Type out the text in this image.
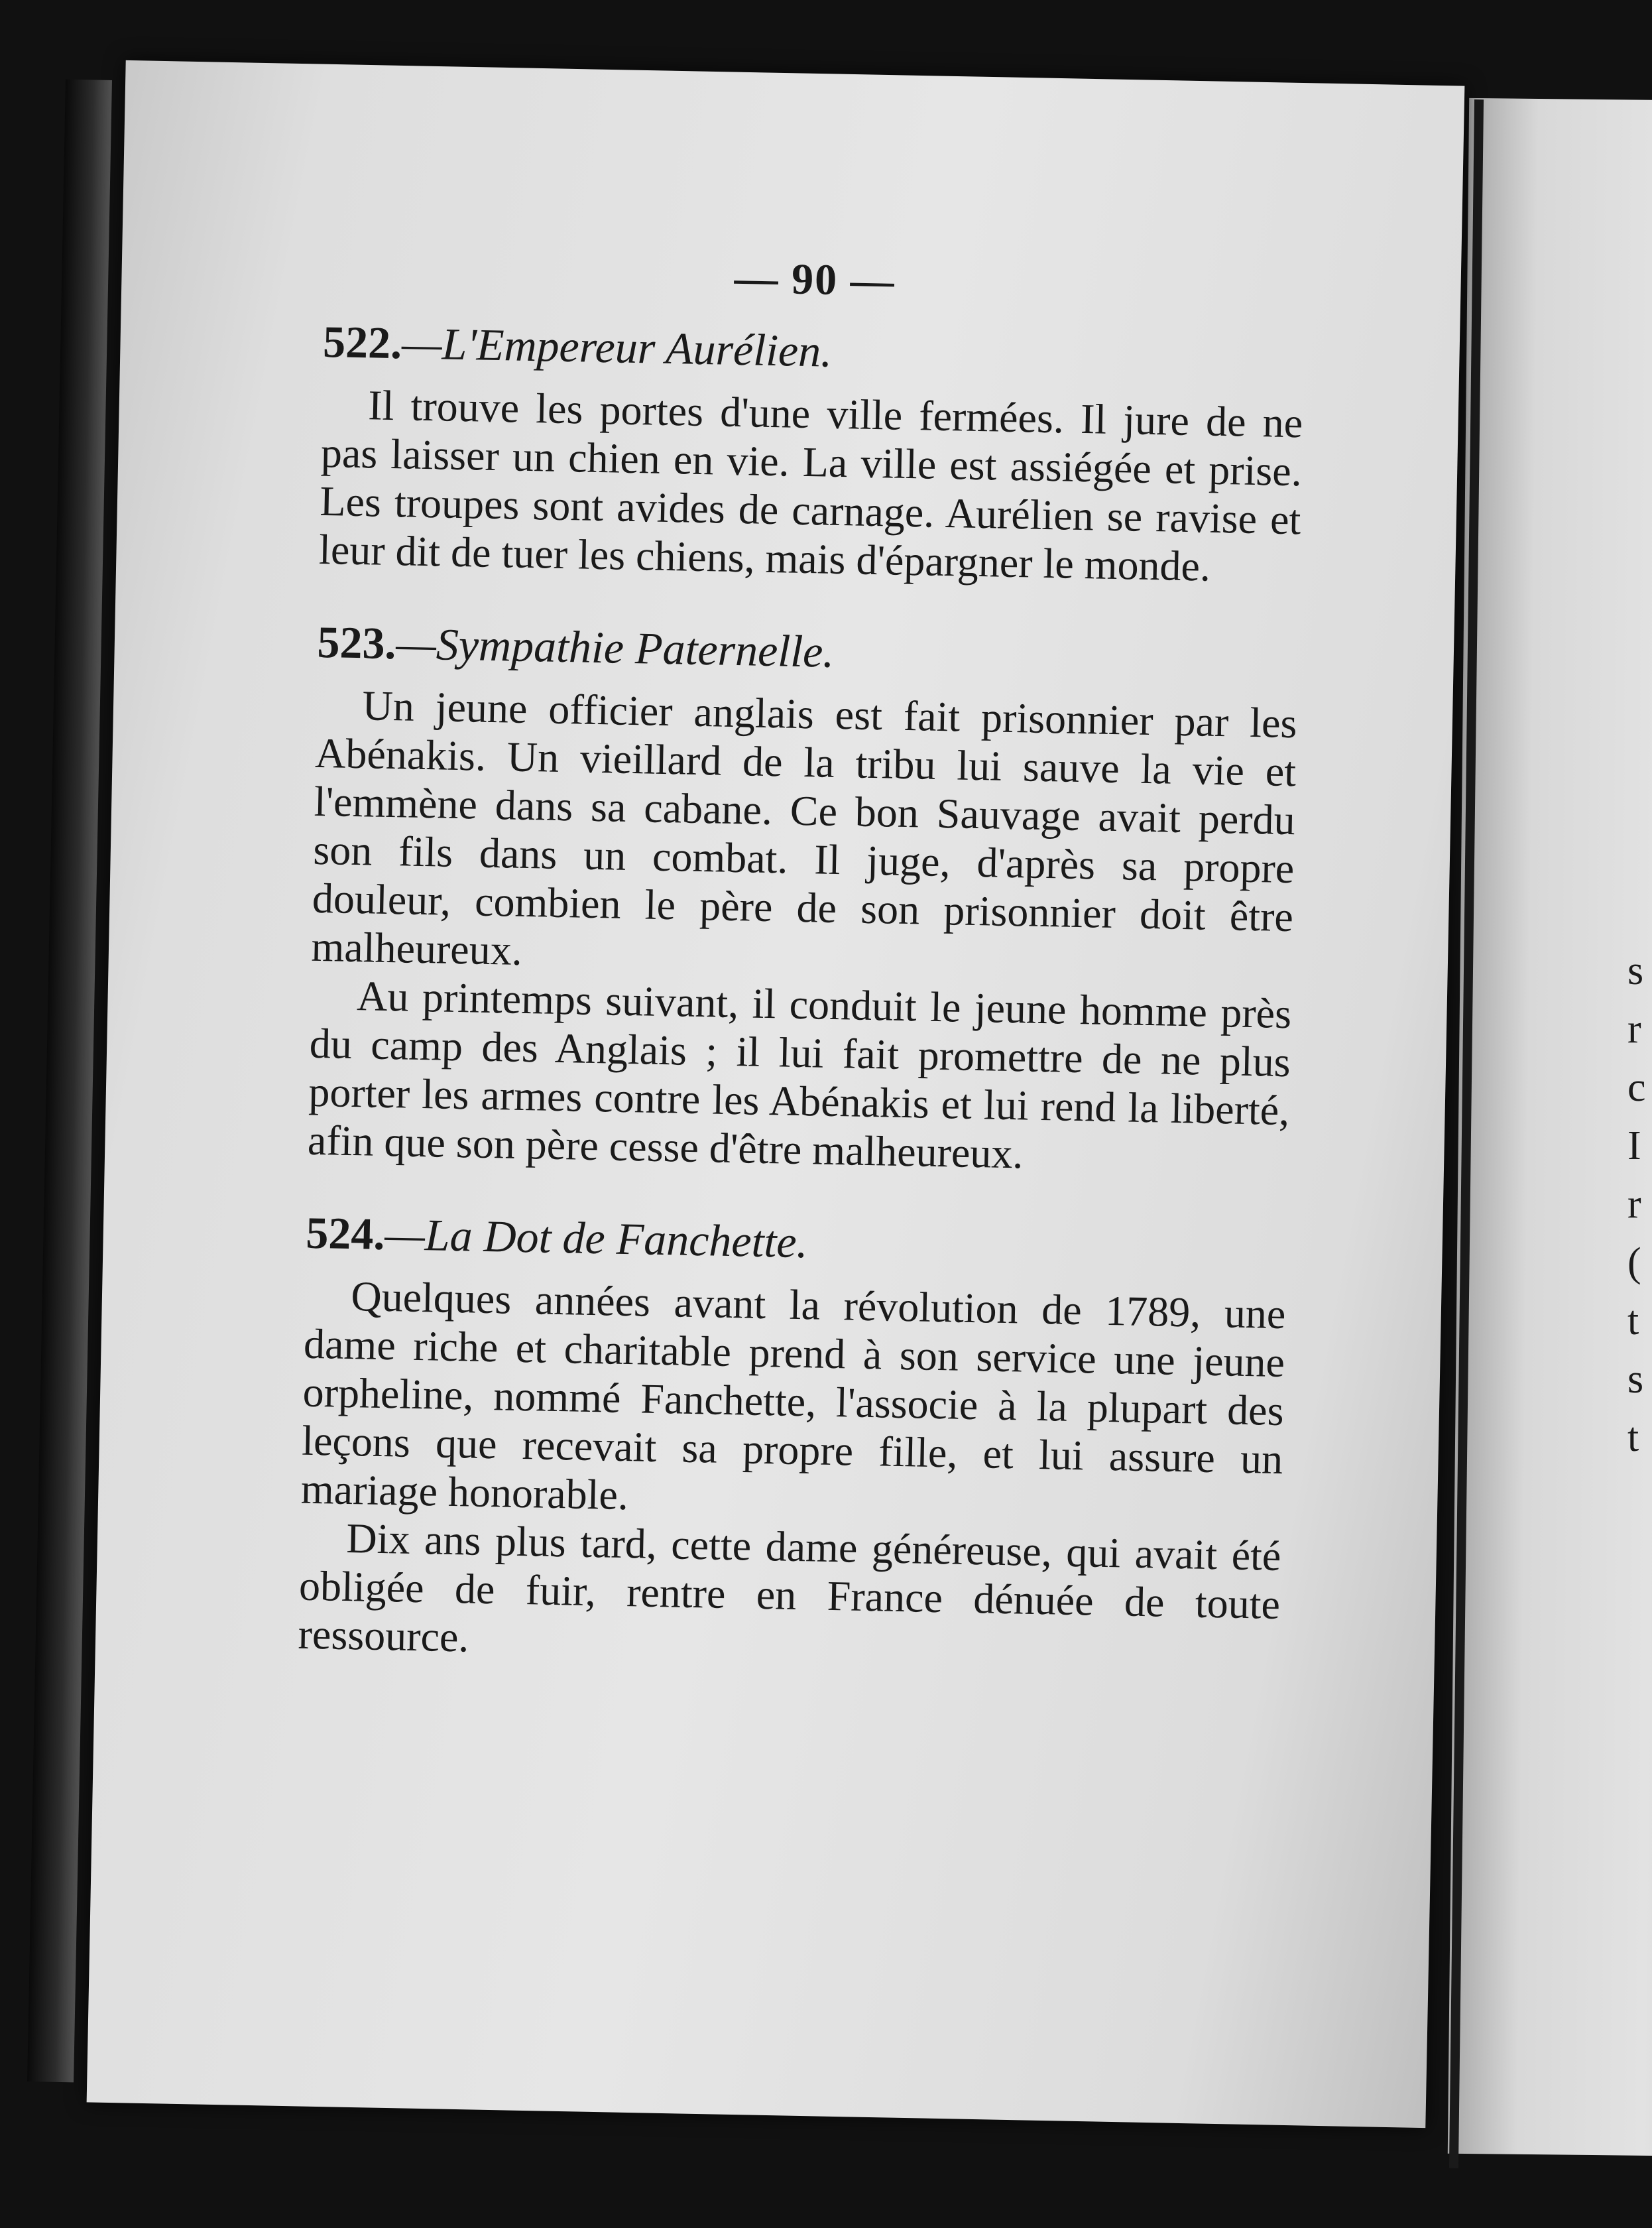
s
r
c
I
r
(
t
s
t
— 90 —
522.—L'Empereur Aurélien.

Il trouve les portes d'une ville fermées. Il jure de ne pas laisser un chien en vie. La ville est assiégée et prise. Les troupes sont avides de carnage. Aurélien se ravise et leur dit de tuer les chiens, mais d'épargner le monde.

523.—Sympathie Paternelle.

Un jeune officier anglais est fait prisonnier par les Abénakis. Un vieillard de la tribu lui sauve la vie et l'emmène dans sa cabane. Ce bon Sauvage avait perdu son fils dans un combat. Il juge, d'après sa propre douleur, combien le père de son prisonnier doit être malheureux.

Au printemps suivant, il conduit le jeune homme près du camp des Anglais ; il lui fait promettre de ne plus porter les armes contre les Abénakis et lui rend la liberté, afin que son père cesse d'être malheureux.

524.—La Dot de Fanchette.

Quelques années avant la révolution de 1789, une dame riche et charitable prend à son service une jeune orpheline, nommé Fanchette, l'associe à la plupart des leçons que recevait sa propre fille, et lui assure un mariage honorable.

Dix ans plus tard, cette dame généreuse, qui avait été obligée de fuir, rentre en France dénuée de toute ressource.
